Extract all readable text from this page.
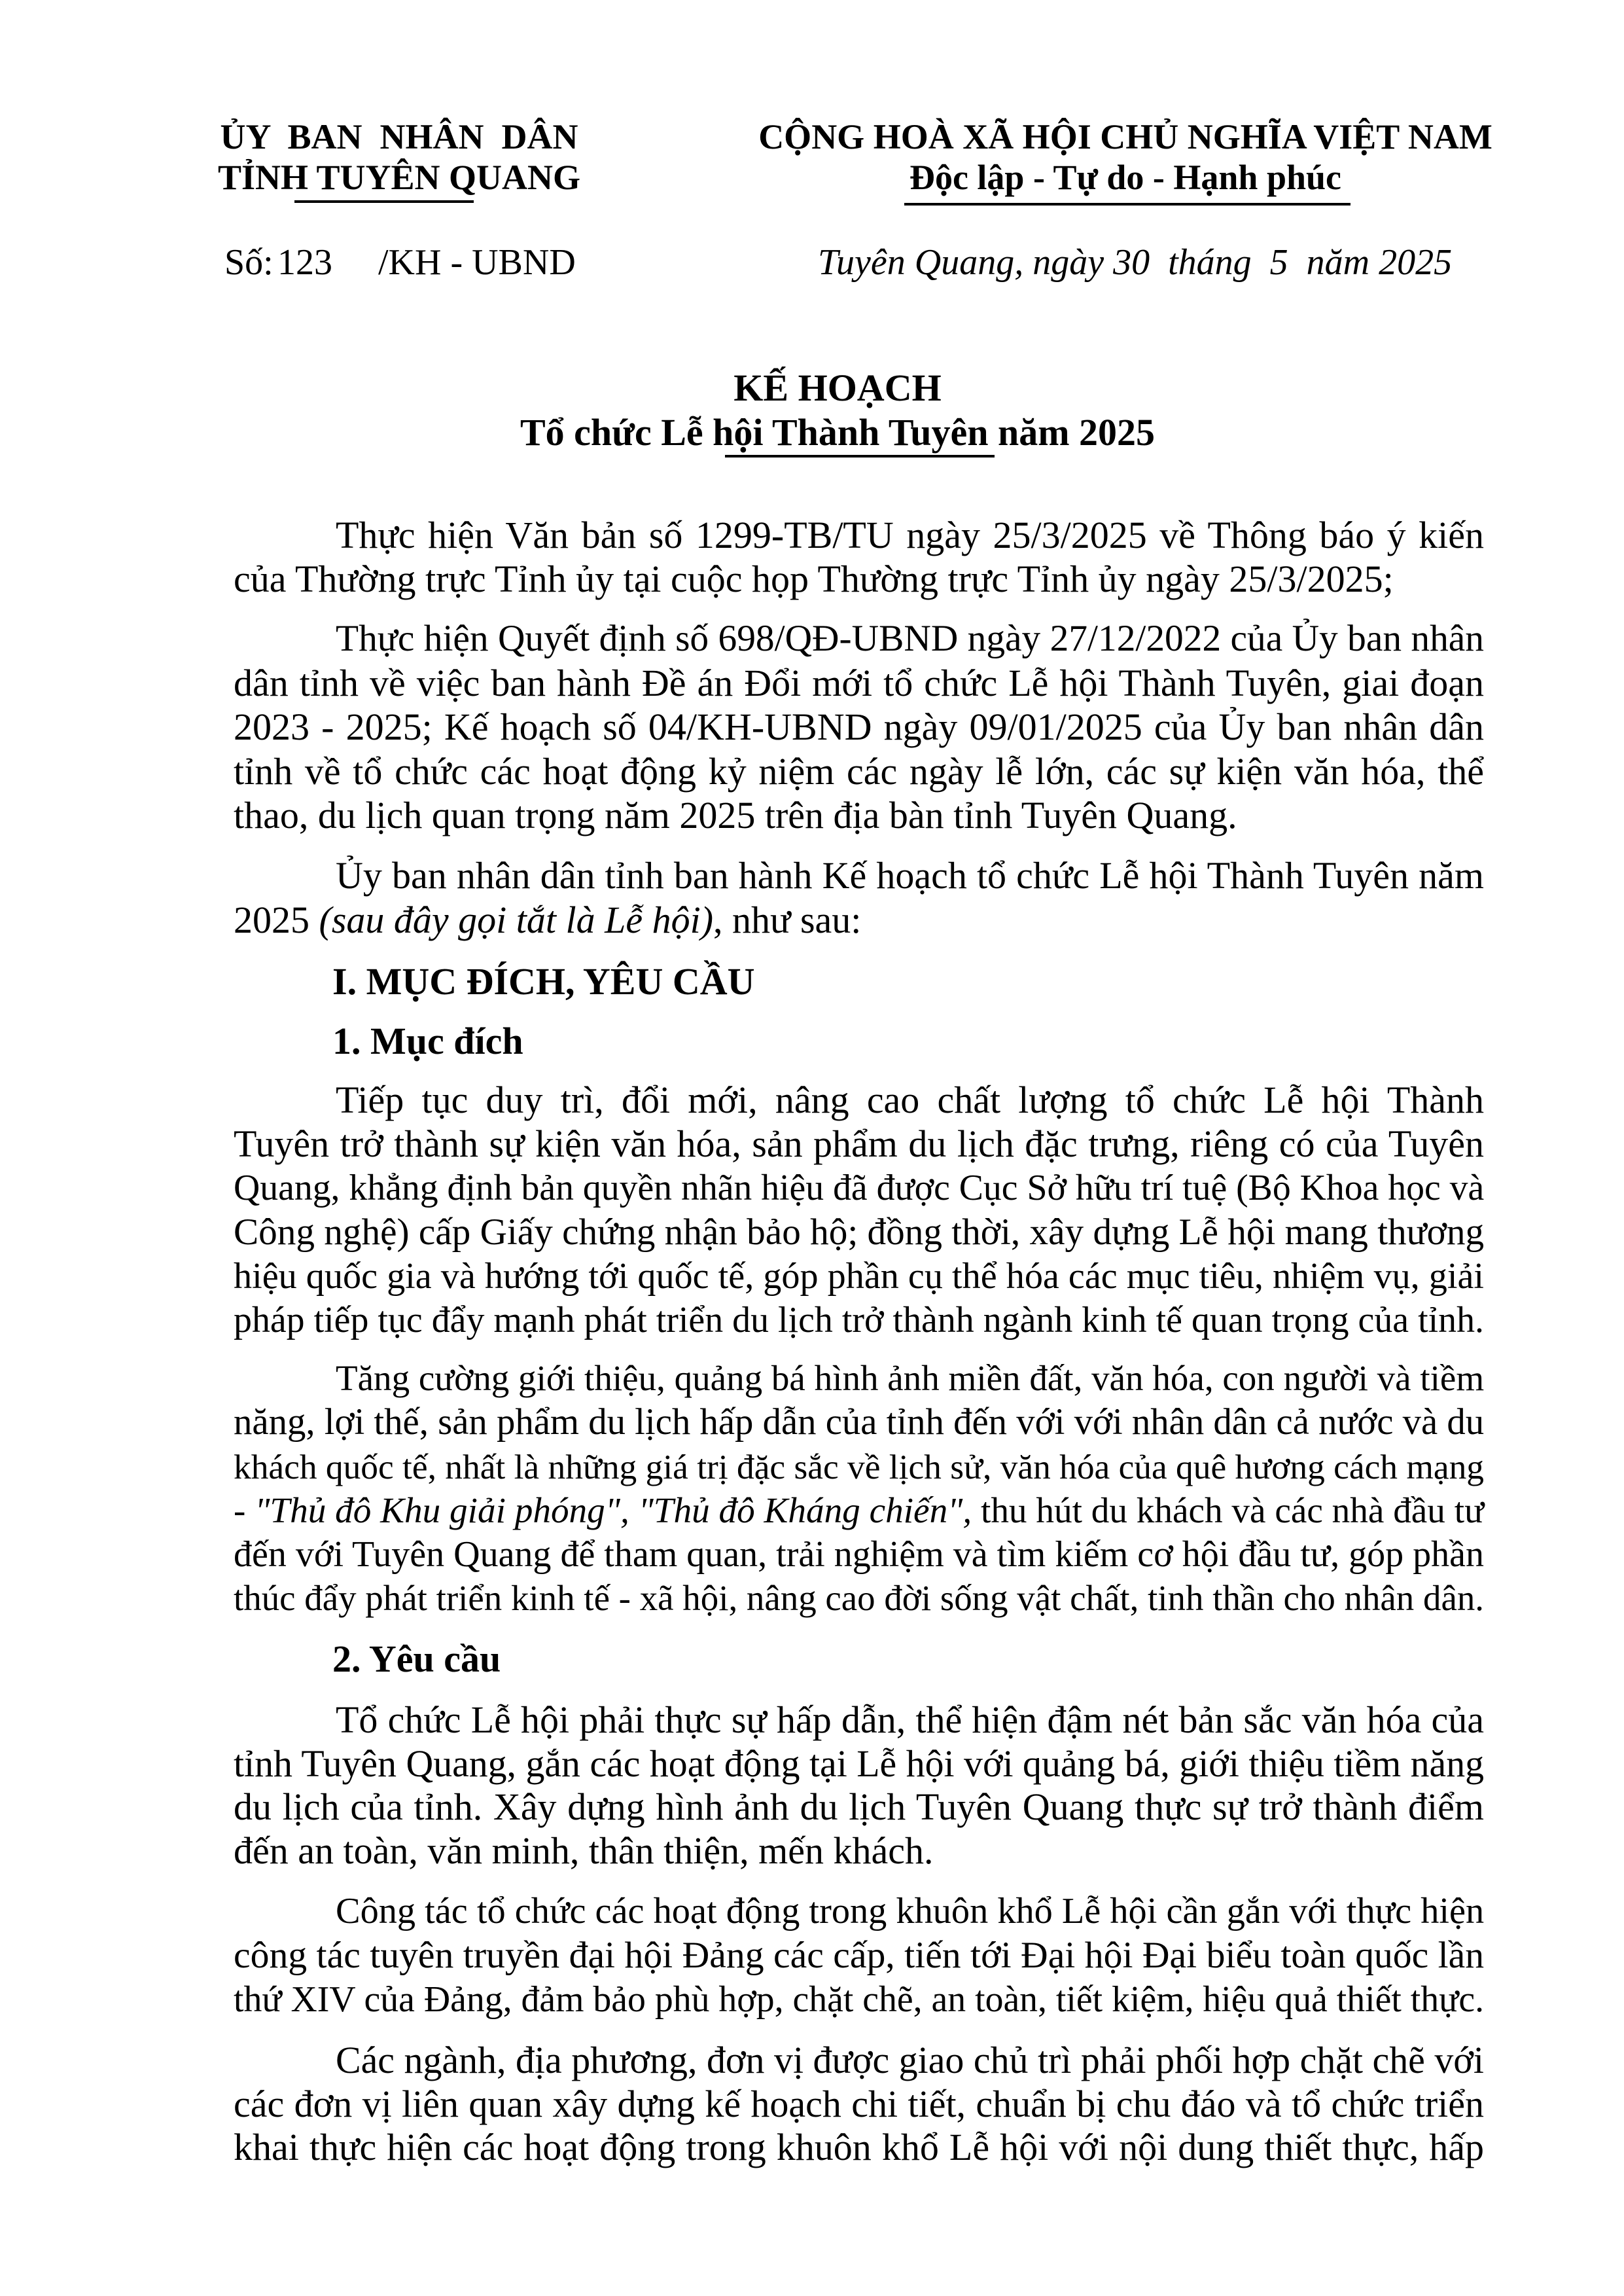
ỦY  BAN  NHÂN  DÂN
TỈNH TUYÊN QUANG
CỘNG HOÀ XÃ HỘI CHỦ NGHĨA VIỆT NAM
Độc lập - Tự do - Hạnh phúc
Số: 123 /KH - UBND	Tuyên Quang, ngày 30  tháng  5  năm 2025
KẾ HOẠCH
Tổ chức Lễ hội Thành Tuyên năm 2025
Thực hiện Văn bản số 1299-TB/TU ngày 25/3/2025 về Thông báo ý kiến
của Thường trực Tỉnh ủy tại cuộc họp Thường trực Tỉnh ủy ngày 25/3/2025;
Thực hiện Quyết định số 698/QĐ-UBND ngày 27/12/2022 của Ủy ban nhân
dân tỉnh về việc ban hành Đề án Đổi mới tổ chức Lễ hội Thành Tuyên, giai đoạn
2023 - 2025; Kế hoạch số 04/KH-UBND ngày 09/01/2025 của Ủy ban nhân dân
tỉnh về tổ chức các hoạt động kỷ niệm các ngày lễ lớn, các sự kiện văn hóa, thể
thao, du lịch quan trọng năm 2025 trên địa bàn tỉnh Tuyên Quang.
Ủy ban nhân dân tỉnh ban hành Kế hoạch tổ chức Lễ hội Thành Tuyên năm
2025 (sau đây gọi tắt là Lễ hội), như sau:
I. MỤC ĐÍCH, YÊU CẦU
1. Mục đích
Tiếp tục duy trì, đổi mới, nâng cao chất lượng tổ chức Lễ hội Thành
Tuyên trở thành sự kiện văn hóa, sản phẩm du lịch đặc trưng, riêng có của Tuyên
Quang, khẳng định bản quyền nhãn hiệu đã được Cục Sở hữu trí tuệ (Bộ Khoa học và
Công nghệ) cấp Giấy chứng nhận bảo hộ; đồng thời, xây dựng Lễ hội mang thương
hiệu quốc gia và hướng tới quốc tế, góp phần cụ thể hóa các mục tiêu, nhiệm vụ, giải
pháp tiếp tục đẩy mạnh phát triển du lịch trở thành ngành kinh tế quan trọng của tỉnh.
Tăng cường giới thiệu, quảng bá hình ảnh miền đất, văn hóa, con người và tiềm
năng, lợi thế, sản phẩm du lịch hấp dẫn của tỉnh đến với với nhân dân cả nước và du
khách quốc tế, nhất là những giá trị đặc sắc về lịch sử, văn hóa của quê hương cách mạng
- "Thủ đô Khu giải phóng", "Thủ đô Kháng chiến", thu hút du khách và các nhà đầu tư
đến với Tuyên Quang để tham quan, trải nghiệm và tìm kiếm cơ hội đầu tư, góp phần
thúc đẩy phát triển kinh tế - xã hội, nâng cao đời sống vật chất, tinh thần cho nhân dân.
2. Yêu cầu
Tổ chức Lễ hội phải thực sự hấp dẫn, thể hiện đậm nét bản sắc văn hóa của
tỉnh Tuyên Quang, gắn các hoạt động tại Lễ hội với quảng bá, giới thiệu tiềm năng
du lịch của tỉnh. Xây dựng hình ảnh du lịch Tuyên Quang thực sự trở thành điểm
đến an toàn, văn minh, thân thiện, mến khách.
Công tác tổ chức các hoạt động trong khuôn khổ Lễ hội cần gắn với thực hiện
công tác tuyên truyền đại hội Đảng các cấp, tiến tới Đại hội Đại biểu toàn quốc lần
thứ XIV của Đảng, đảm bảo phù hợp, chặt chẽ, an toàn, tiết kiệm, hiệu quả thiết thực.
Các ngành, địa phương, đơn vị được giao chủ trì phải phối hợp chặt chẽ với
các đơn vị liên quan xây dựng kế hoạch chi tiết, chuẩn bị chu đáo và tổ chức triển
khai thực hiện các hoạt động trong khuôn khổ Lễ hội với nội dung thiết thực, hấp
